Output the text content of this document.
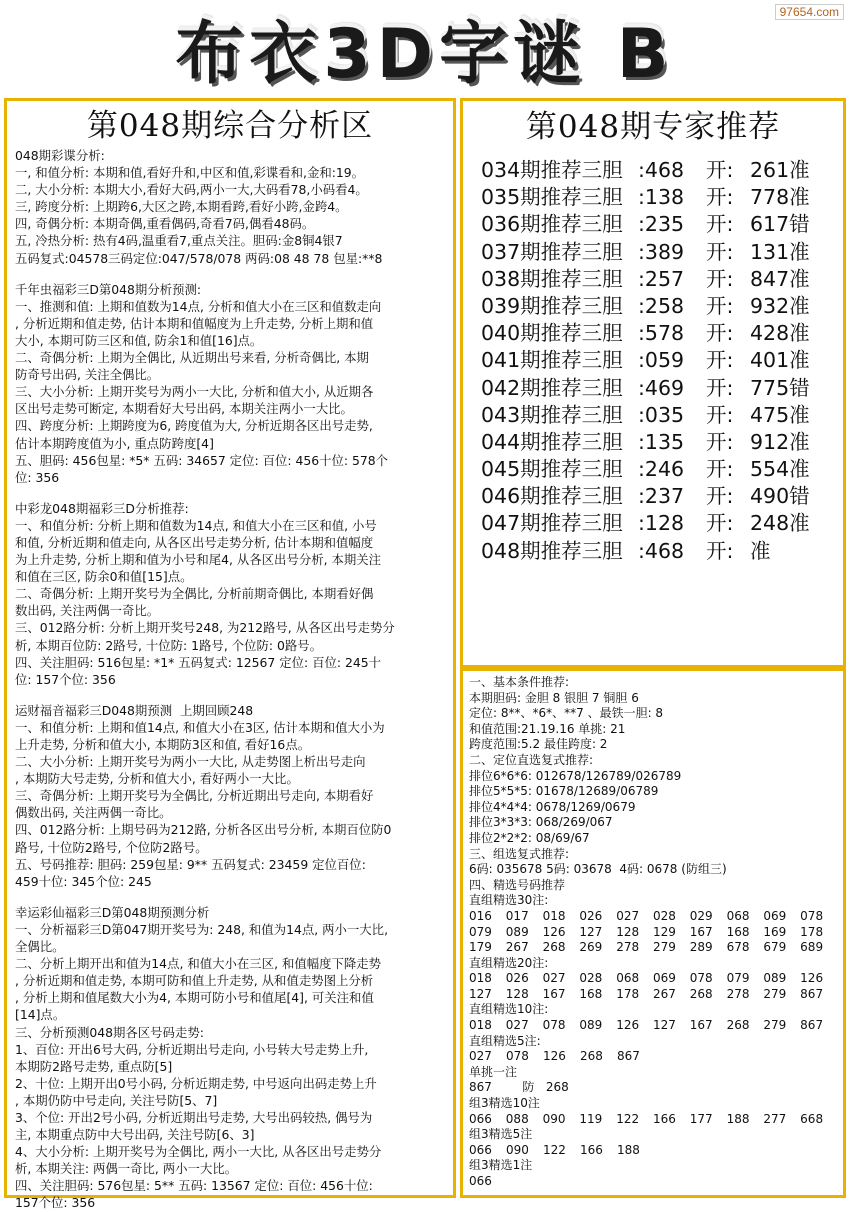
97654.com
布衣3D字谜 B
第048期综合分析区
048期彩谍分析:
一, 和值分析: 本期和值,看好升和,中区和值,彩谍看和,金和:19。
二, 大小分析: 本期大小,看好大码,两小一大,大码看78,小码看4。
三, 跨度分析: 上期跨6,大区之跨,本期看跨,看好小跨,金跨4。
四, 奇偶分析: 本期奇偶,重看偶码,奇看7码,偶看48码。
五, 冷热分析: 热有4码,温重看7,重点关注。胆码:金8铜4银7
五码复式:04578三码定位:047/578/078 两码:08 48 78 包星:**8
千年虫福彩三D第048期分析预测:
一、推测和值: 上期和值数为14点, 分析和值大小在三区和值数走向
, 分析近期和值走势, 估计本期和值幅度为上升走势, 分析上期和值
大小, 本期可防三区和值, 防余1和值[16]点。
二、奇偶分析: 上期为全偶比, 从近期出号来看, 分析奇偶比, 本期
防奇号出码, 关注全偶比。
三、大小分析: 上期开奖号为两小一大比, 分析和值大小, 从近期各
区出号走势可断定, 本期看好大号出码, 本期关注两小一大比。
四、跨度分析: 上期跨度为6, 跨度值为大, 分析近期各区出号走势,
估计本期跨度值为小, 重点防跨度[4]
五、胆码: 456包星: *5* 五码: 34657 定位: 百位: 456十位: 578个
位: 356
中彩龙048期福彩三D分析推荐:
一、和值分析: 分析上期和值数为14点, 和值大小在三区和值, 小号
和值, 分析近期和值走向, 从各区出号走势分析, 估计本期和值幅度
为上升走势, 分析上期和值为小号和尾4, 从各区出号分析, 本期关注
和值在三区, 防余0和值[15]点。
二、奇偶分析: 上期开奖号为全偶比, 分析前期奇偶比, 本期看好偶
数出码, 关注两偶一奇比。
三、012路分析: 分析上期开奖号248, 为212路号, 从各区出号走势分
析, 本期百位防: 2路号, 十位防: 1路号, 个位防: 0路号。
四、关注胆码: 516包星: *1* 五码复式: 12567 定位: 百位: 245十
位: 157个位: 356
运财福音福彩三D048期预测  上期回顾248
一、和值分析: 上期和值14点, 和值大小在3区, 估计本期和值大小为
上升走势, 分析和值大小, 本期防3区和值, 看好16点。
二、大小分析: 上期开奖号为两小一大比, 从走势图上析出号走向
, 本期防大号走势, 分析和值大小, 看好两小一大比。
三、奇偶分析: 上期开奖号为全偶比, 分析近期出号走向, 本期看好
偶数出码, 关注两偶一奇比。
四、012路分析: 上期号码为212路, 分析各区出号分析, 本期百位防0
路号, 十位防2路号, 个位防2路号。
五、号码推荐: 胆码: 259包星: 9** 五码复式: 23459 定位百位:
459十位: 345个位: 245
幸运彩仙福彩三D第048期预测分析
一、分析福彩三D第047期开奖号为: 248, 和值为14点, 两小一大比,
全偶比。
二、分析上期开出和值为14点, 和值大小在三区, 和值幅度下降走势
, 分析近期和值走势, 本期可防和值上升走势, 从和值走势图上分析
, 分析上期和值尾数大小为4, 本期可防小号和值尾[4], 可关注和值
[14]点。
三、分析预测048期各区号码走势:
1、百位: 开出6号大码, 分析近期出号走向, 小号转大号走势上升,
本期防2路号走势, 重点防[5]
2、十位: 上期开出0号小码, 分析近期走势, 中号返向出码走势上升
, 本期仍防中号走向, 关注号防[5、7]
3、个位: 开出2号小码, 分析近期出号走势, 大号出码较热, 偶号为
主, 本期重点防中大号出码, 关注号防[6、3]
4、大小分析: 上期开奖号为全偶比, 两小一大比, 从各区出号走势分
析, 本期关注: 两偶一奇比, 两小一大比。
四、关注胆码: 576包星: 5** 五码: 13567 定位: 百位: 456十位:
157个位: 356
第048期专家推荐
034期推荐三胆 :468	开: 261准
035期推荐三胆 :138	开: 778准
036期推荐三胆 :235	开: 617错
037期推荐三胆 :389	开: 131准
038期推荐三胆 :257	开: 847准
039期推荐三胆 :258	开: 932准
040期推荐三胆 :578	开: 428准
041期推荐三胆 :059	开: 401准
042期推荐三胆 :469	开: 775错
043期推荐三胆 :035	开: 475准
044期推荐三胆 :135	开: 912准
045期推荐三胆 :246	开: 554准
046期推荐三胆 :237	开: 490错
047期推荐三胆 :128	开: 248准
048期推荐三胆 :468	开: 准
一、基本条件推荐:
本期胆码: 金胆 8 银胆 7 铜胆 6
定位: 8**、*6*、**7 、最铁一胆: 8
和值范围:21.19.16 单挑: 21
跨度范围:5.2 最佳跨度: 2
二、定位直选复式推荐:
排位6*6*6: 012678/126789/026789
排位5*5*5: 01678/12689/06789
排位4*4*4: 0678/1269/0679
排位3*3*3: 068/269/067
排位2*2*2: 08/69/67
三、组选复式推荐:
6码: 035678 5码: 03678  4码: 0678 (防组三)
四、精选号码推荐
直组精选30注:
016	017	018	026	027	028	029	068	069	078
079	089	126	127	128	129	167	168	169	178
179	267	268	269	278	279	289	678	679	689
直组精选20注:
018	026	027	028	068	069	078	079	089	126
127	128	167	168	178	267	268	278	279	867
直组精选10注:
018	027	078	089	126	127	167	268	279	867
直组精选5注:
027	078	126	268	867
单挑一注
867        防   268
组3精选10注
066	088	090	119	122	166	177	188	277	668
组3精选5注
066	090	122	166	188
组3精选1注
066
